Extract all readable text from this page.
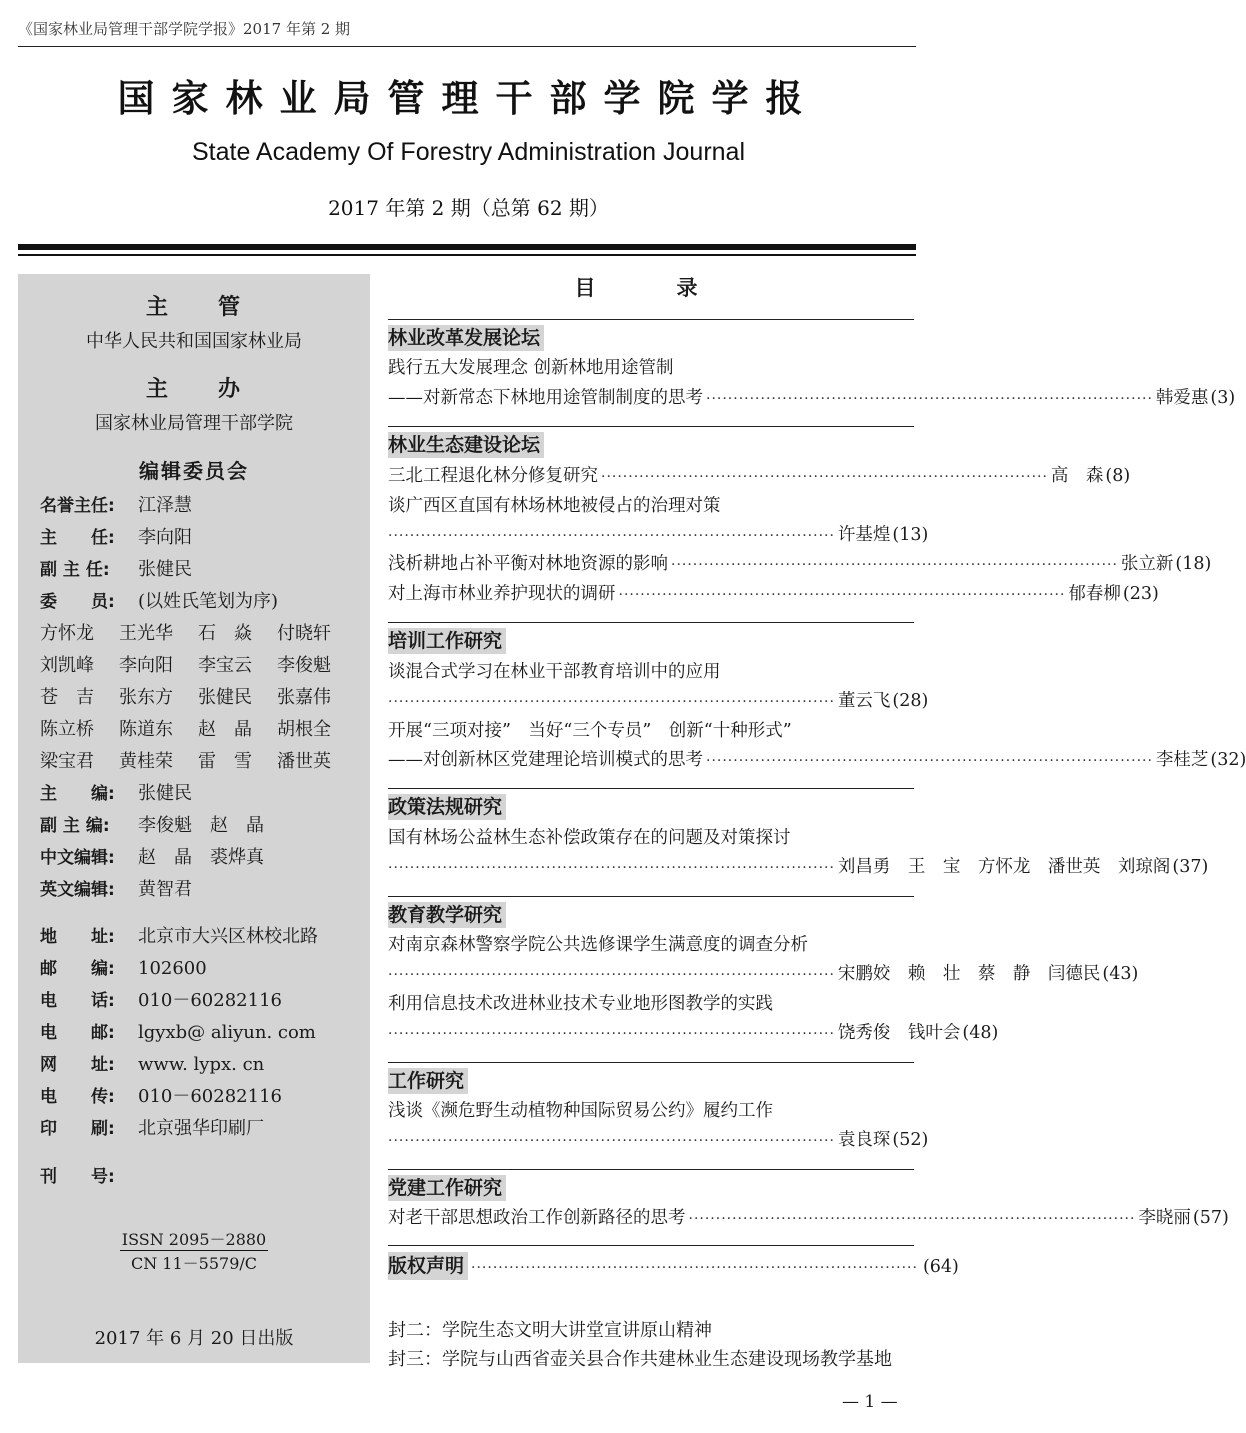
《国家林业局管理干部学院学报》2017 年第 2 期
国家林业局管理干部学院学报
State Academy Of Forestry Administration Journal
2017 年第 2 期（总第 62 期）
主　　管
中华人民共和国国家林业局
主　　办
国家林业局管理干部学院
编辑委员会
名誉主任: 江泽慧
主　　任: 李向阳
副 主 任: 张健民
委　　员: (以姓氏笔划为序)
方怀龙 王光华 石　焱 付晓轩
刘凯峰 李向阳 李宝云 李俊魁
苍　吉 张东方 张健民 张嘉伟
陈立桥 陈道东 赵　晶 胡根全
梁宝君 黄桂荣 雷　雪 潘世英
主　　编: 张健民
副 主 编: 李俊魁　赵　晶
中文编辑: 赵　晶　裘烨真
英文编辑: 黄智君
地　　址: 北京市大兴区林校北路
邮　　编: 102600
电　　话: 010－60282116
电　　邮: lgyxb@ aliyun. com
网　　址: www. lypx. cn
电　　传: 010－60282116
印　　刷: 北京强华印刷厂
刊　　号:
ISSN 2095－2880
CN 11－5579/C
2017 年 6 月 20 日出版
目　录
林业改革发展论坛
践行五大发展理念 创新林地用途管制
——对新常态下林地用途管制制度的思考 ·················································································· 韩爱惠 (3)
林业生态建设论坛
三北工程退化林分修复研究 ·················································································· 高　森 (8)
谈广西区直国有林场林地被侵占的治理对策
·················································································· 许基煌 (13)
浅析耕地占补平衡对林地资源的影响 ·················································································· 张立新 (18)
对上海市林业养护现状的调研 ·················································································· 郁春柳 (23)
培训工作研究
谈混合式学习在林业干部教育培训中的应用
·················································································· 董云飞 (28)
开展“三项对接”　当好“三个专员”　创新“十种形式”
——对创新林区党建理论培训模式的思考 ·················································································· 李桂芝 (32)
政策法规研究
国有林场公益林生态补偿政策存在的问题及对策探讨
·················································································· 刘昌勇　王　宝　方怀龙　潘世英　刘琼阁 (37)
教育教学研究
对南京森林警察学院公共选修课学生满意度的调查分析
·················································································· 宋鹏姣　赖　壮　蔡　静　闫德民 (43)
利用信息技术改进林业技术专业地形图教学的实践
·················································································· 饶秀俊　钱叶会 (48)
工作研究
浅谈《濒危野生动植物种国际贸易公约》履约工作
·················································································· 袁良琛 (52)
党建工作研究
对老干部思想政治工作创新路径的思考 ·················································································· 李晓丽 (57)
版权声明 ·················································································· (64)
封二：学院生态文明大讲堂宣讲原山精神
封三：学院与山西省壶关县合作共建林业生态建设现场教学基地
— 1 —
